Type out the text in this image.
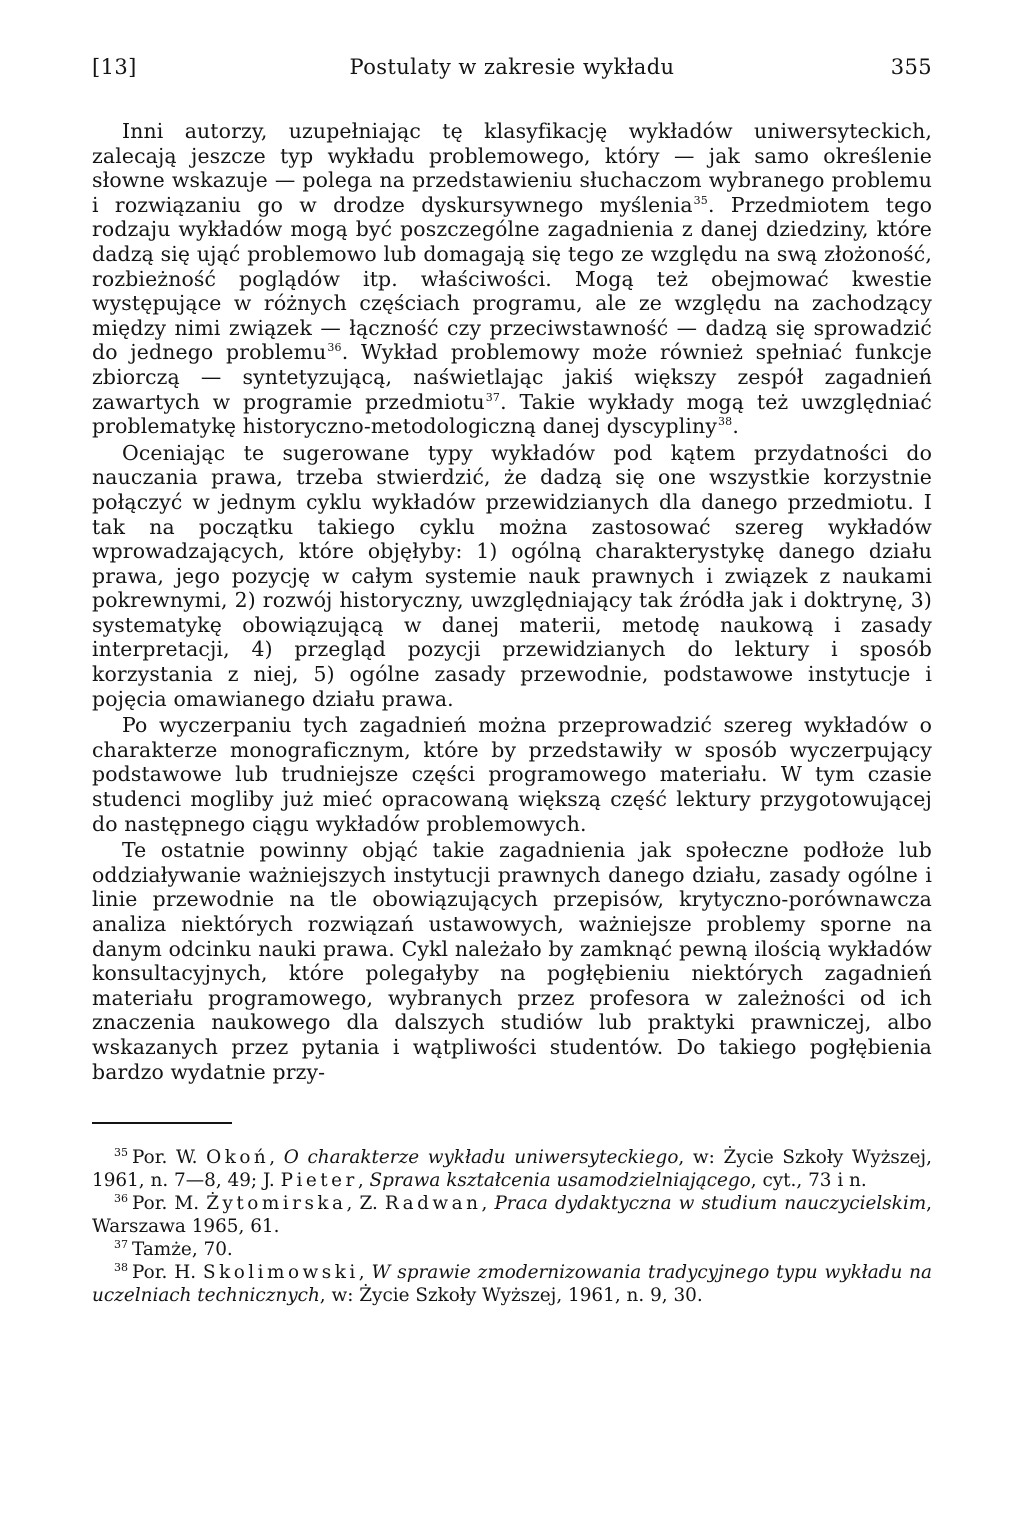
[13]	Postulaty w zakresie wykładu	355

Inni autorzy, uzupełniając tę klasyfikację wykładów uniwersyteckich, zalecają jeszcze typ wykładu problemowego, który — jak samo określenie słowne wskazuje — polega na przedstawieniu słuchaczom wybranego problemu i rozwiązaniu go w drodze dyskursywnego myślenia$^{35}$. Przedmiotem tego rodzaju wykładów mogą być poszczególne zagadnienia z danej dziedziny, które dadzą się ująć problemowo lub domagają się tego ze względu na swą złożoność, rozbieżność poglądów itp. właściwości. Mogą też obejmować kwestie występujące w różnych częściach programu, ale ze względu na zachodzący między nimi związek — łączność czy przeciwstawność — dadzą się sprowadzić do jednego problemu$^{36}$. Wykład problemowy może również spełniać funkcje zbiorczą — syntetyzującą, naświetlając jakiś większy zespół zagadnień zawartych w programie przedmiotu$^{37}$. Takie wykłady mogą też uwzględniać problematykę historyczno-metodologiczną danej dyscypliny$^{38}$.

Oceniając te sugerowane typy wykładów pod kątem przydatności do nauczania prawa, trzeba stwierdzić, że dadzą się one wszystkie korzystnie połączyć w jednym cyklu wykładów przewidzianych dla danego przedmiotu. I tak na początku takiego cyklu można zastosować szereg wykładów wprowadzających, które objęłyby: 1) ogólną charakterystykę danego działu prawa, jego pozycję w całym systemie nauk prawnych i związek z naukami pokrewnymi, 2) rozwój historyczny, uwzględniający tak źródła jak i doktrynę, 3) systematykę obowiązującą w danej materii, metodę naukową i zasady interpretacji, 4) przegląd pozycji przewidzianych do lektury i sposób korzystania z niej, 5) ogólne zasady przewodnie, podstawowe instytucje i pojęcia omawianego działu prawa.

Po wyczerpaniu tych zagadnień można przeprowadzić szereg wykładów o charakterze monograficznym, które by przedstawiły w sposób wyczerpujący podstawowe lub trudniejsze części programowego materiału. W tym czasie studenci mogliby już mieć opracowaną większą część lektury przygotowującej do następnego ciągu wykładów problemowych.

Te ostatnie powinny objąć takie zagadnienia jak społeczne podłoże lub oddziaływanie ważniejszych instytucji prawnych danego działu, zasady ogólne i linie przewodnie na tle obowiązujących przepisów, krytyczno-porównawcza analiza niektórych rozwiązań ustawowych, ważniejsze problemy sporne na danym odcinku nauki prawa. Cykl należało by zamknąć pewną ilością wykładów konsultacyjnych, które polegałyby na pogłębieniu niektórych zagadnień materiału programowego, wybranych przez profesora w zależności od ich znaczenia naukowego dla dalszych studiów lub praktyki prawniczej, albo wskazanych przez pytania i wątpliwości studentów. Do takiego pogłębienia bardzo wydatnie przy-

$^{35}$ Por. W. Okoń, O charakterze wykładu uniwersyteckiego, w: Życie Szkoły Wyższej, 1961, n. 7—8, 49; J. Pieter, Sprawa kształcenia usamodzielniającego, cyt., 73 i n.

$^{36}$ Por. M. Żytomirska, Z. Radwan, Praca dydaktyczna w studium nauczycielskim, Warszawa 1965, 61.

$^{37}$ Tamże, 70.

$^{38}$ Por. H. Skolimowski, W sprawie zmodernizowania tradycyjnego typu wykładu na uczelniach technicznych, w: Życie Szkoły Wyższej, 1961, n. 9, 30.
